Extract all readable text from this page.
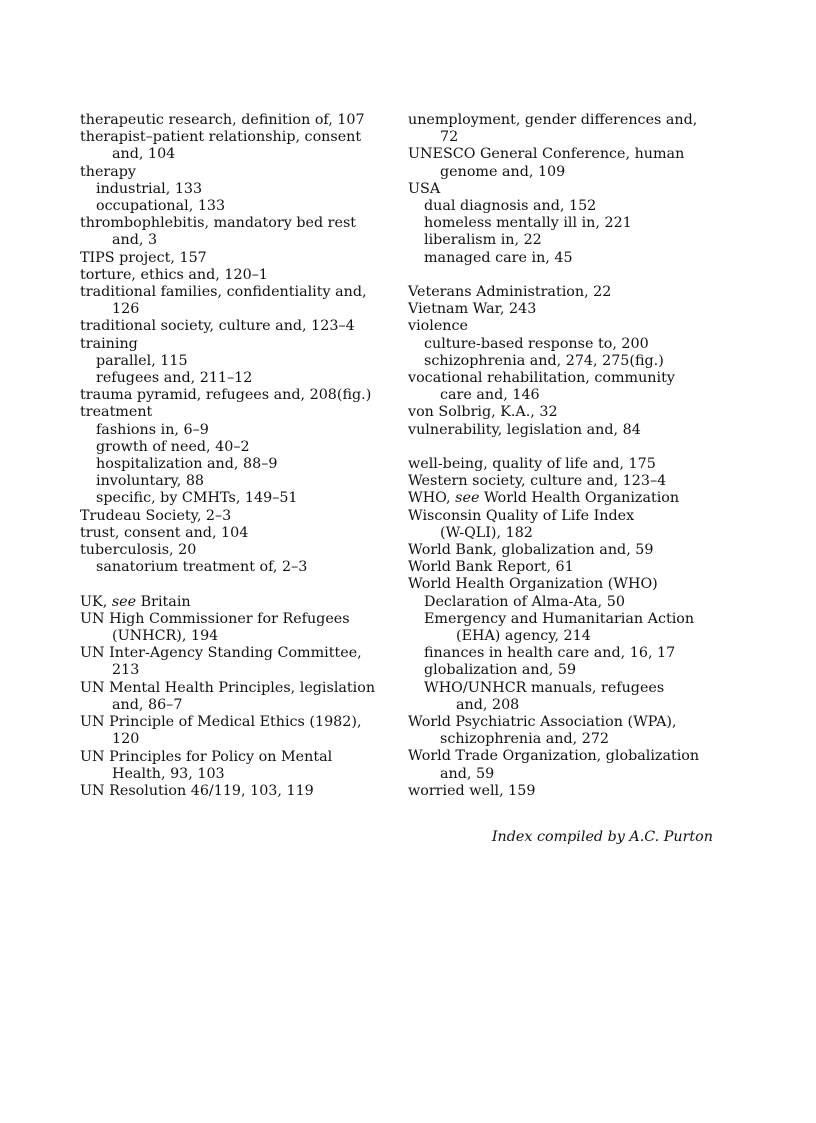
therapeutic research, definition of, 107
therapist–patient relationship, consent
and, 104
therapy
industrial, 133
occupational, 133
thrombophlebitis, mandatory bed rest
and, 3
TIPS project, 157
torture, ethics and, 120–1
traditional families, confidentiality and,
126
traditional society, culture and, 123–4
training
parallel, 115
refugees and, 211–12
trauma pyramid, refugees and, 208(fig.)
treatment
fashions in, 6–9
growth of need, 40–2
hospitalization and, 88–9
involuntary, 88
specific, by CMHTs, 149–51
Trudeau Society, 2–3
trust, consent and, 104
tuberculosis, 20
sanatorium treatment of, 2–3
UK, see Britain
UN High Commissioner for Refugees
(UNHCR), 194
UN Inter-Agency Standing Committee,
213
UN Mental Health Principles, legislation
and, 86–7
UN Principle of Medical Ethics (1982),
120
UN Principles for Policy on Mental
Health, 93, 103
UN Resolution 46/119, 103, 119
unemployment, gender differences and,
72
UNESCO General Conference, human
genome and, 109
USA
dual diagnosis and, 152
homeless mentally ill in, 221
liberalism in, 22
managed care in, 45
Veterans Administration, 22
Vietnam War, 243
violence
culture-based response to, 200
schizophrenia and, 274, 275(fig.)
vocational rehabilitation, community
care and, 146
von Solbrig, K.A., 32
vulnerability, legislation and, 84
well-being, quality of life and, 175
Western society, culture and, 123–4
WHO, see World Health Organization
Wisconsin Quality of Life Index
(W-QLI), 182
World Bank, globalization and, 59
World Bank Report, 61
World Health Organization (WHO)
Declaration of Alma-Ata, 50
Emergency and Humanitarian Action
(EHA) agency, 214
finances in health care and, 16, 17
globalization and, 59
WHO/UNHCR manuals, refugees
and, 208
World Psychiatric Association (WPA),
schizophrenia and, 272
World Trade Organization, globalization
and, 59
worried well, 159
Index compiled by A.C. Purton
